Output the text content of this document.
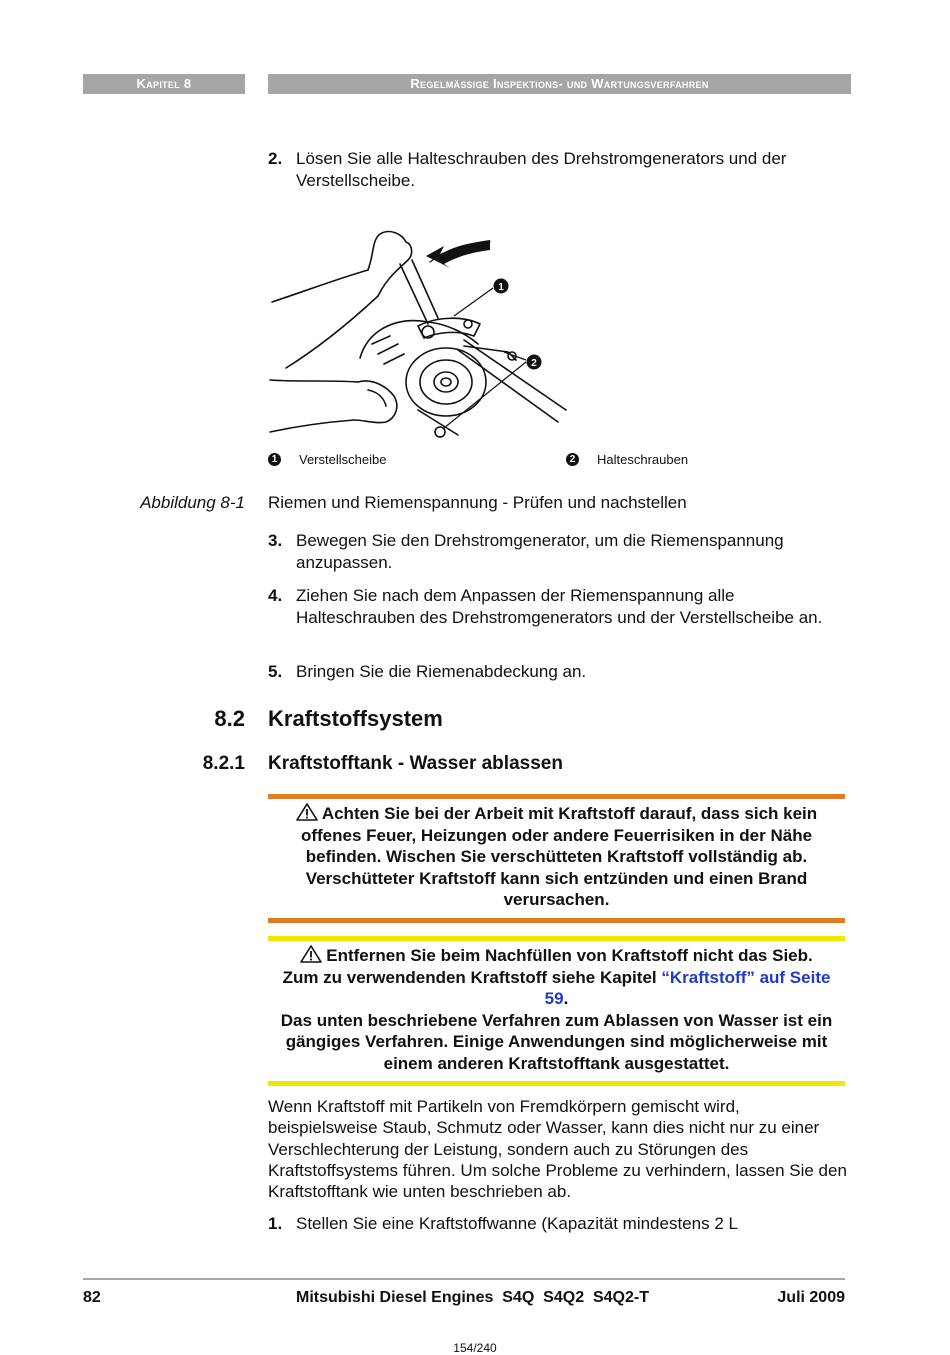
Kapitel 8	Regelmäßige Inspektions- und Wartungsverfahren
2. Lösen Sie alle Halteschrauben des Drehstromgenerators und der Verstellscheibe.
1
2
1 Verstellscheibe	2 Halteschrauben
Abbildung 8-1 Riemen und Riemenspannung - Prüfen und nachstellen
3. Bewegen Sie den Drehstromgenerator, um die Riemenspannung anzupassen.
4. Ziehen Sie nach dem Anpassen der Riemenspannung alle Halteschrauben des Drehstromgenerators und der Verstellscheibe an.
5. Bringen Sie die Riemenabdeckung an.
8.2 Kraftstoffsystem
8.2.1 Kraftstofftank - Wasser ablassen
Achten Sie bei der Arbeit mit Kraftstoff darauf, dass sich kein offenes Feuer, Heizungen oder andere Feuerrisiken in der Nähe befinden. Wischen Sie verschütteten Kraftstoff vollständig ab. Verschütteter Kraftstoff kann sich entzünden und einen Brand verursachen.
Entfernen Sie beim Nachfüllen von Kraftstoff nicht das Sieb.
Zum zu verwendenden Kraftstoff siehe Kapitel “Kraftstoff” auf Seite 59.
Das unten beschriebene Verfahren zum Ablassen von Wasser ist ein gängiges Verfahren. Einige Anwendungen sind möglicherweise mit einem anderen Kraftstofftank ausgestattet.
Wenn Kraftstoff mit Partikeln von Fremdkörpern gemischt wird, beispielsweise Staub, Schmutz oder Wasser, kann dies nicht nur zu einer Verschlechterung der Leistung, sondern auch zu Störungen des Kraftstoffsystems führen. Um solche Probleme zu verhindern, lassen Sie den Kraftstofftank wie unten beschrieben ab.
1. Stellen Sie eine Kraftstoffwanne (Kapazität mindestens 2 L
82	Mitsubishi Diesel Engines  S4Q  S4Q2  S4Q2-T	Juli 2009
154/240
